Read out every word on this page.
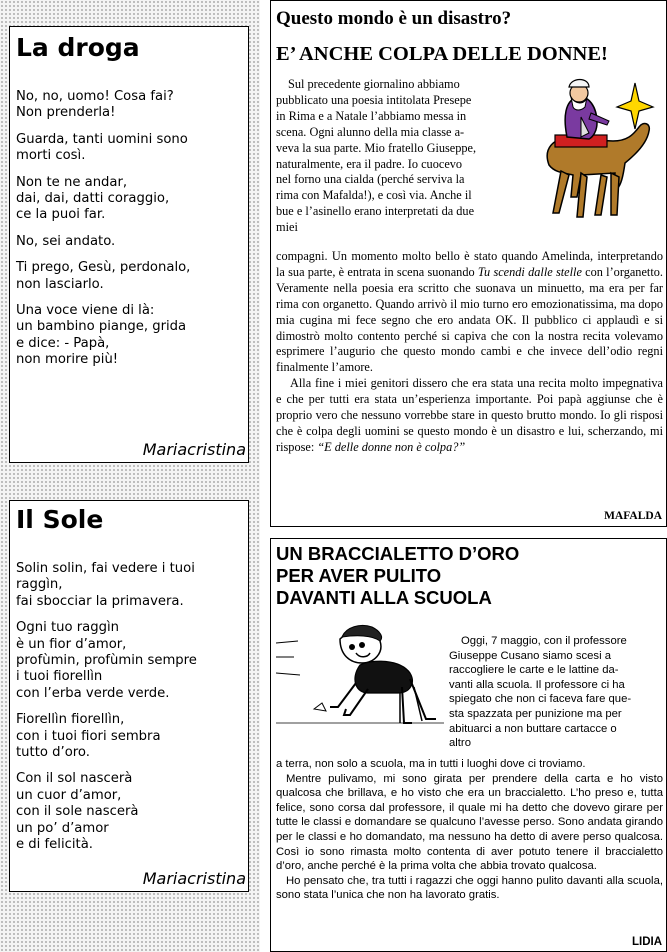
La droga
No, no, uomo! Cosa fai?
Non prenderla!
Guarda, tanti uomini sono
morti così.
Non te ne andar,
dai, dai, datti coraggio,
ce la puoi far.
No, sei andato.
Ti prego, Gesù, perdonalo,
non lasciarlo.
Una voce viene di là:
un bambino piange, grida
e dice: - Papà,
non morire più!
Mariacristina
Il Sole
Solin solin, fai vedere i tuoi
raggìn,
fai sbocciar la primavera.
Ogni tuo raggìn
è un fior d’amor,
profùmin, profùmin sempre
i tuoi fiorellìn
con l’erba verde verde.
Fiorellìn fiorellìn,
con i tuoi fiori sembra
tutto d’oro.
Con il sol nascerà
un cuor d’amor,
con il sole nascerà
un po’ d’amor
e di felicità.
Mariacristina
Questo mondo è un disastro?
E’ ANCHE COLPA DELLE DONNE!
Sul precedente giornalino abbiamo
pubblicato una poesia intitolata Presepe
in Rima e a Natale l’abbiamo messa in
scena. Ogni alunno della mia classe a-
veva la sua parte. Mio fratello Giuseppe,
naturalmente, era il padre. Io cuocevo
nel forno una cialda (perché serviva la
rima con Mafalda!), e così via. Anche il
bue e l’asinello erano interpretati da due
miei

compagni. Un momento molto bello è stato quando Amelinda, interpretando la sua parte, è entrata in scena suonando Tu scendi dalle stelle con l’organetto. Veramente nella poesia era scritto che suonava un minuetto, ma era per far rima con organetto. Quando arrivò il mio turno ero emozionatissima, ma dopo mia cugina mi fece segno che ero andata OK. Il pubblico ci applaudì e si dimostrò molto contento perché si capiva che con la nostra recita volevamo esprimere l’augurio che questo mondo cambi e che invece dell’odio regni finalmente l’amore.

Alla fine i miei genitori dissero che era stata una recita molto impegnativa e che per tutti era stata un’esperienza importante. Poi papà aggiunse che è proprio vero che nessuno vorrebbe stare in questo brutto mondo. Io gli risposi che è colpa degli uomini se questo mondo è un disastro e lui, scherzando, mi rispose: “E delle donne non è colpa?”

MAFALDA

UN BRACCIALETTO D’ORO

PER AVER PULITO

DAVANTI ALLA SCUOLA

Oggi, 7 maggio, con il professore
Giuseppe Cusano siamo scesi a
raccogliere le carte e le lattine da-
vanti alla scuola. Il professore ci ha
spiegato che non ci faceva fare que-
sta spazzata per punizione ma per
abituarci a non buttare cartacce o
altro

a terra, non solo a scuola, ma in tutti i luoghi dove ci troviamo.

Mentre pulivamo, mi sono girata per prendere della carta e ho visto qualcosa che brillava, e ho visto che era un braccialetto. L’ho preso e, tutta felice, sono corsa dal professore, il quale mi ha detto che dovevo girare per tutte le classi e domandare se qualcuno l’avesse perso. Sono andata girando per le classi e ho domandato, ma nessuno ha detto di avere perso qualcosa. Così io sono rimasta molto contenta di aver potuto tenere il braccialetto d’oro, anche perché è la prima volta che abbia trovato qualcosa.

Ho pensato che, tra tutti i ragazzi che oggi hanno pulito davanti alla scuola, sono stata l’unica che non ha lavorato gratis.

LIDIA
